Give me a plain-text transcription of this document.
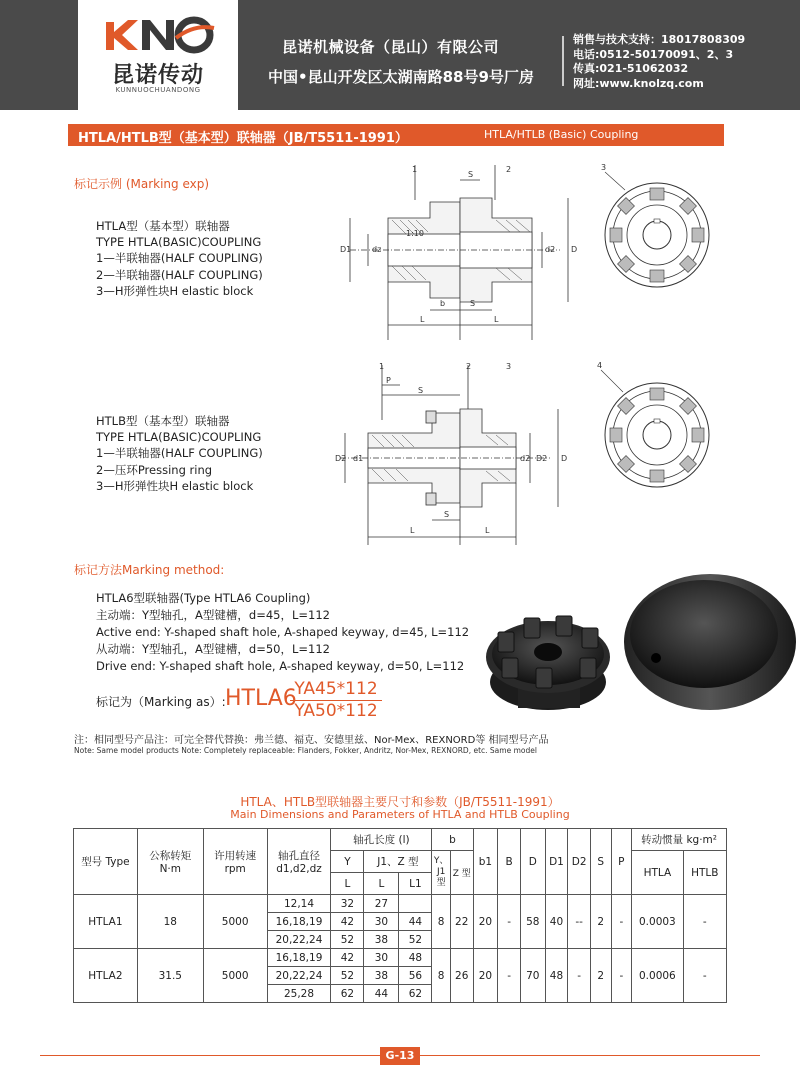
昆诺传动
KUNNUOCHUANDONG
昆诺机械设备（昆山）有限公司
中国•昆山开发区太湖南路88号9号厂房
销售与技术支持：18017808309
电话:0512-50170091、2、3
传真:021-51062032
网址:www.knolzq.com
HTLA/HTLB型（基本型）联轴器（JB/T5511-1991）	HTLA/HTLB (Basic) Coupling
标记示例 (Marking exp)
HTLA型（基本型）联轴器
TYPE HTLA(BASIC)COUPLING
1—半联轴器(HALF COUPLING)
2—半联轴器(HALF COUPLING)
3—H形弹性块H elastic block
1	2
S
1:10
D1	dz	d2 D
b	S
L	L
3
HTLB型（基本型）联轴器
TYPE HTLA(BASIC)COUPLING
1—半联轴器(HALF COUPLING)
2—压环Pressing ring
3—H形弹性块H elastic block
1	2	3
P
S
D2 d1	d2 D2 D
S
L	L
4
标记方法Marking method:
HTLA6型联轴器(Type HTLA6 Coupling)
主动端：Y型轴孔，A型键槽，d=45，L=112
Active end: Y-shaped shaft hole, A-shaped keyway, d=45, L=112
从动端：Y型轴孔，A型键槽，d=50，L=112
Drive end: Y-shaped shaft hole, A-shaped keyway, d=50, L=112
标记为（Marking as）: HTLA6
$\frac{YA45*112}{YA50*112}$
注：相同型号产品注：可完全替代替换：弗兰德、福克、安德里兹、Nor-Mex、REXNORD等 相同型号产品
Note: Same model products Note: Completely replaceable: Flanders, Fokker, Andritz, Nor-Mex, REXNORD, etc. Same model
HTLA、HTLB型联轴器主要尺寸和参数（JB/T5511-1991）
Main Dimensions and Parameters of HTLA and HTLB Coupling
型号 Type	公称转矩 N·m	许用转速 rpm	轴孔直径 d1,d2,dz	轴孔长度 (l)			b		b1	B	D	D1	D2	S	P	转动惯量 kg·m²	
				Y	J1、Z 型		Y、J1 型	Z 型								HTLA	HTLB
				L	L	L1											
HTLA1	18	5000	12,14	32	27		8	22	20	-	58	40	--	2	-	0.0003	-
			16,18,19	42	30	44											
			20,22,24	52	38	52											
HTLA2	31.5	5000	16,18,19	42	30	48	8	26	20	-	70	48	-	2	-	0.0006	-
			20,22,24	52	38	56											
			25,28	62	44	62											
G-13
